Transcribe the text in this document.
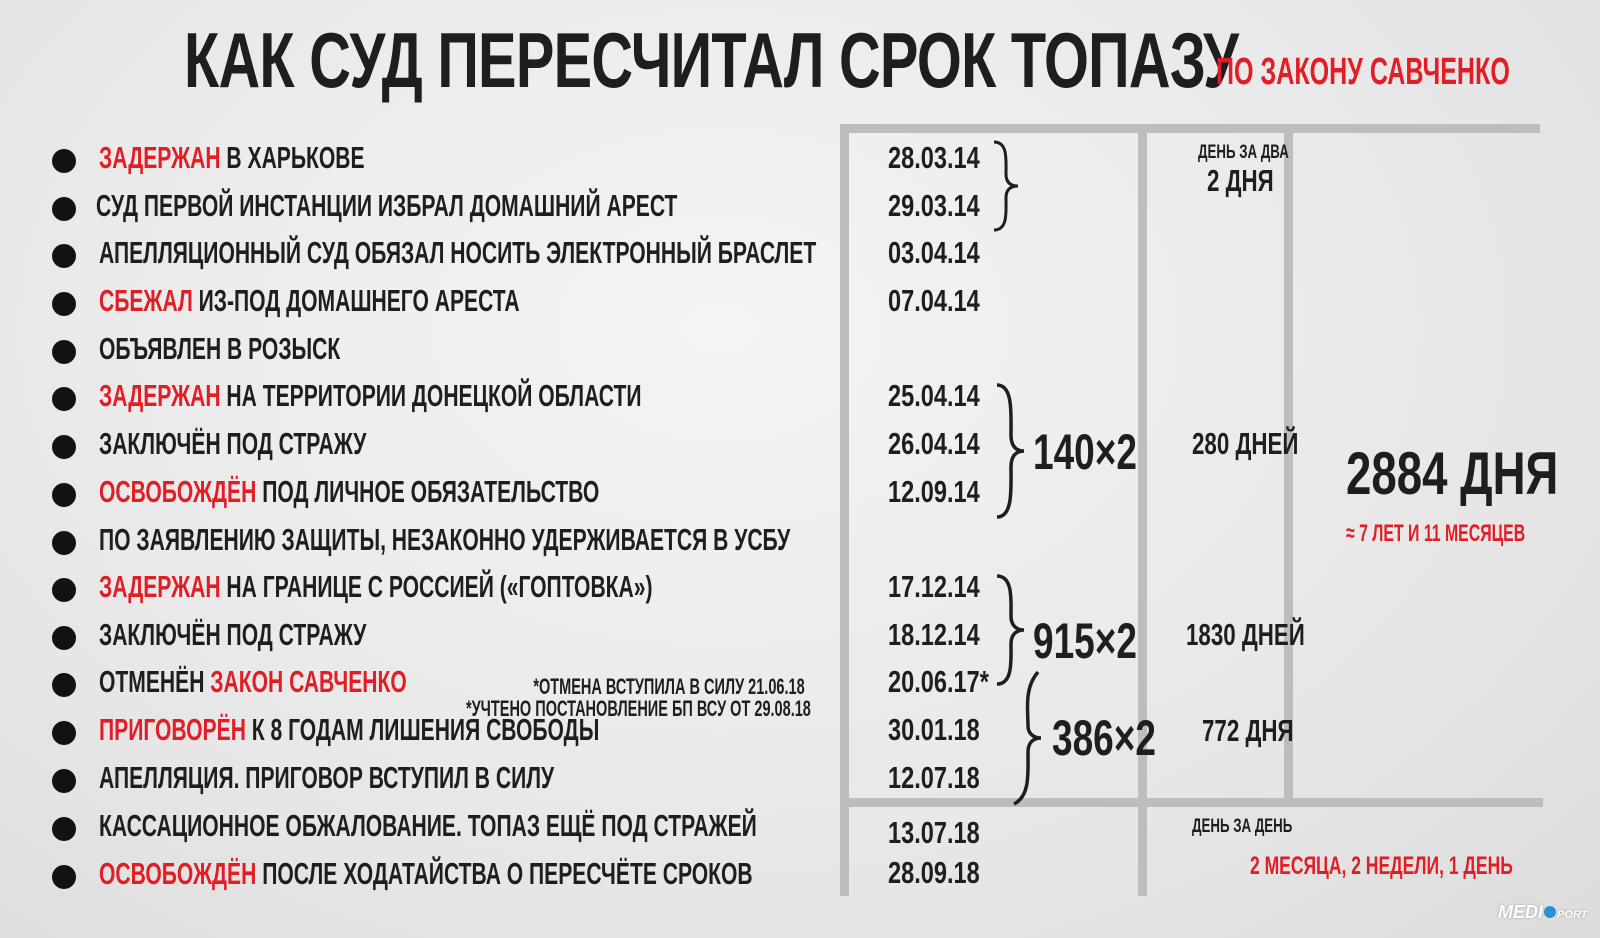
КАК СУД ПЕРЕСЧИТАЛ СРОК ТОПАЗУ
ПО ЗАКОНУ САВЧЕНКО
ЗАДЕРЖАН В ХАРЬКОВЕ
СУД ПЕРВОЙ ИНСТАНЦИИ ИЗБРАЛ ДОМАШНИЙ АРЕСТ
АПЕЛЛЯЦИОННЫЙ СУД ОБЯЗАЛ НОСИТЬ ЭЛЕКТРОННЫЙ БРАСЛЕТ
СБЕЖАЛ ИЗ-ПОД ДОМАШНЕГО АРЕСТА
ОБЪЯВЛЕН В РОЗЫСК
ЗАДЕРЖАН НА ТЕРРИТОРИИ ДОНЕЦКОЙ ОБЛАСТИ
ЗАКЛЮЧЁН ПОД СТРАЖУ
ОСВОБОЖДЁН ПОД ЛИЧНОЕ ОБЯЗАТЕЛЬСТВО
ПО ЗАЯВЛЕНИЮ ЗАЩИТЫ, НЕЗАКОННО УДЕРЖИВАЕТСЯ В УСБУ
ЗАДЕРЖАН НА ГРАНИЦЕ С РОССИЕЙ («ГОПТОВКА»)
ЗАКЛЮЧЁН ПОД СТРАЖУ
ОТМЕНЁН ЗАКОН САВЧЕНКО
ПРИГОВОРЁН К 8 ГОДАМ ЛИШЕНИЯ СВОБОДЫ
АПЕЛЛЯЦИЯ. ПРИГОВОР ВСТУПИЛ В СИЛУ
КАССАЦИОННОЕ ОБЖАЛОВАНИЕ. ТОПАЗ ЕЩЁ ПОД СТРАЖЕЙ
ОСВОБОЖДЁН ПОСЛЕ ХОДАТАЙСТВА О ПЕРЕСЧЁТЕ СРОКОВ
*ОТМЕНА ВСТУПИЛА В СИЛУ 21.06.18
*УЧТЕНО ПОСТАНОВЛЕНИЕ БП ВСУ ОТ 29.08.18
28.03.14
29.03.14
03.04.14
07.04.14
25.04.14
26.04.14
12.09.14
17.12.14
18.12.14
20.06.17*
30.01.18
12.07.18
13.07.18
28.09.18
140×2
915×2
386×2
ДЕНЬ ЗА ДВА
2 ДНЯ
280 ДНЕЙ
1830 ДНЕЙ
772 ДНЯ
ДЕНЬ ЗА ДЕНЬ
2 МЕСЯЦА, 2 НЕДЕЛИ, 1 ДЕНЬ
2884 ДНЯ
≈ 7 ЛЕТ И 11 МЕСЯЦЕВ
MEDI PORT
